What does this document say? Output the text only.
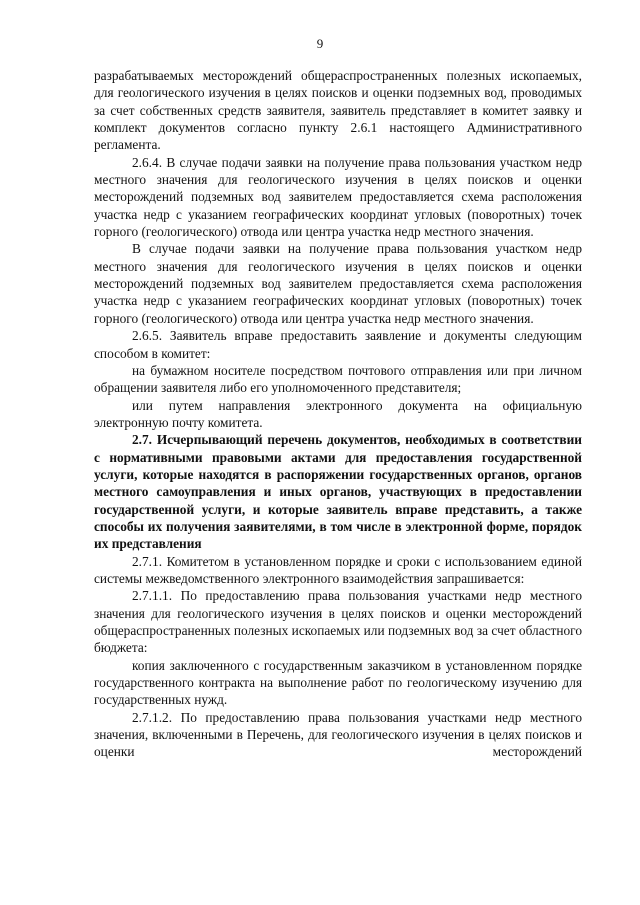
9

разрабатываемых месторождений общераспространенных полезных ископаемых, для геологического изучения в целях поисков и оценки подземных вод, проводимых за счет собственных средств заявителя, заявитель представляет в комитет заявку и комплект документов согласно пункту 2.6.1 настоящего Административного регламента.

2.6.4. В случае подачи заявки на получение права пользования участком недр местного значения для геологического изучения в целях поисков и оценки месторождений подземных вод заявителем предоставляется схема расположения участка недр с указанием географических координат угловых (поворотных) точек горного (геологического) отвода или центра участка недр местного значения.

В случае подачи заявки на получение права пользования участком недр местного значения для геологического изучения в целях поисков и оценки месторождений подземных вод заявителем предоставляется схема расположения участка недр с указанием географических координат угловых (поворотных) точек горного (геологического) отвода или центра участка недр местного значения.

2.6.5. Заявитель вправе предоставить заявление и документы следующим способом в комитет:

на бумажном носителе посредством почтового отправления или при личном обращении заявителя либо его уполномоченного представителя;

или путем направления электронного документа на официальную электронную почту комитета.

2.7. Исчерпывающий перечень документов, необходимых в соответствии с нормативными правовыми актами для предоставления государственной услуги, которые находятся в распоряжении государственных органов, органов местного самоуправления и иных органов, участвующих в предоставлении государственной услуги, и которые заявитель вправе представить, а также способы их получения заявителями, в том числе в электронной форме, порядок их представления

2.7.1. Комитетом в установленном порядке и сроки с использованием единой системы межведомственного электронного взаимодействия запрашивается:

2.7.1.1. По предоставлению права пользования участками недр местного значения для геологического изучения в целях поисков и оценки месторождений общераспространенных полезных ископаемых или подземных вод за счет областного бюджета:

копия заключенного с государственным заказчиком в установленном порядке государственного контракта на выполнение работ по геологическому изучению для государственных нужд.

2.7.1.2. По предоставлению права пользования участками недр местного значения, включенными в Перечень, для геологического изучения в целях поисков и оценки месторождений
